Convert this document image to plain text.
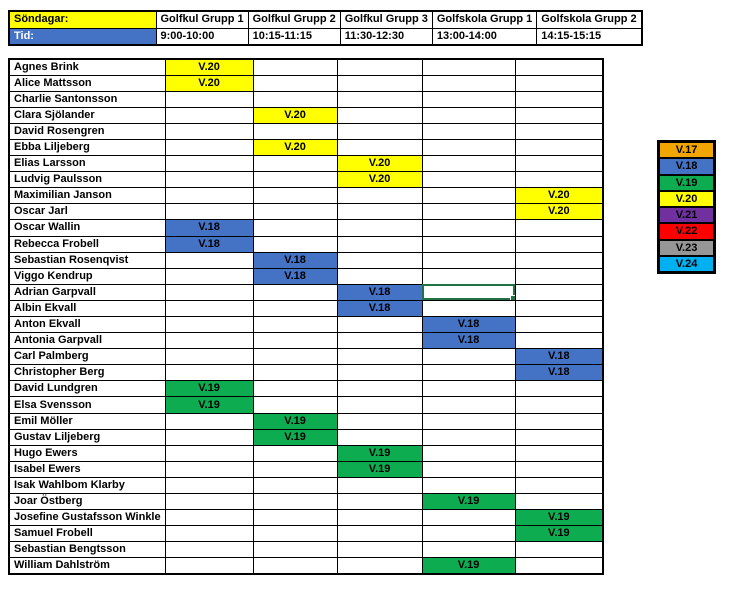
Söndagar:	Golfkul Grupp 1	Golfkul Grupp 2	Golfkul Grupp 3	Golfskola Grupp 1	Golfskola Grupp 2
Tid:	9:00-10:00	10:15-11:15	11:30-12:30	13:00-14:00	14:15-15:15
Agnes Brink	V.20				
Alice Mattsson	V.20				
Charlie Santonsson					
Clara Sjölander		V.20			
David Rosengren					
Ebba Liljeberg		V.20			
Elias Larsson			V.20		
Ludvig Paulsson			V.20		
Maximilian Janson					V.20
Oscar Jarl					V.20
Oscar Wallin	V.18				
Rebecca Frobell	V.18				
Sebastian Rosenqvist		V.18			
Viggo Kendrup		V.18			
Adrian Garpvall			V.18		
Albin Ekvall			V.18		
Anton Ekvall				V.18	
Antonia Garpvall				V.18	
Carl Palmberg					V.18
Christopher Berg					V.18
David Lundgren	V.19				
Elsa Svensson	V.19				
Emil Möller		V.19			
Gustav Liljeberg		V.19			
Hugo Ewers			V.19		
Isabel Ewers			V.19		
Isak Wahlbom Klarby					
Joar Östberg				V.19	
Josefine Gustafsson Winkle					V.19
Samuel Frobell					V.19
Sebastian Bengtsson					
William Dahlström				V.19	
V.17
V.18
V.19
V.20
V.21
V.22
V.23
V.24
